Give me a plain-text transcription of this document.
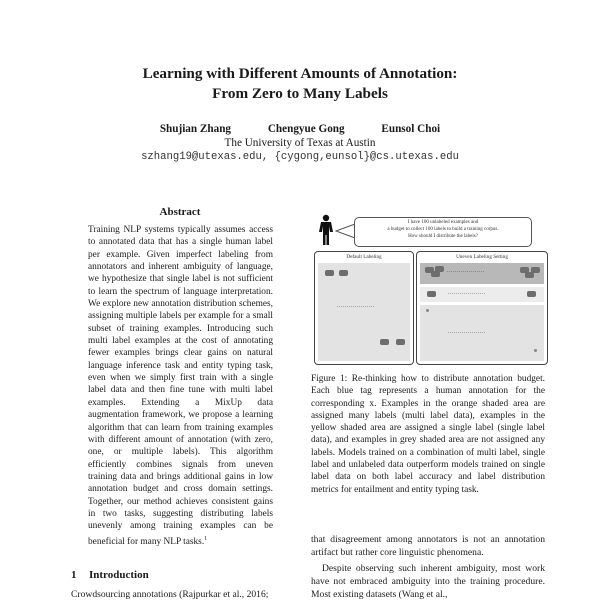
Learning with Different Amounts of Annotation:
From Zero to Many Labels
Shujian Zhang	Chengyue Gong	Eunsol Choi
The University of Texas at Austin
szhang19@utexas.edu, {cygong,eunsol}@cs.utexas.edu
Abstract
Training NLP systems typically assumes access to annotated data that has a single human label per example. Given imperfect labeling from annotators and inherent ambiguity of language, we hypothesize that single label is not sufficient to learn the spectrum of language interpretation. We explore new annotation distribution schemes, assigning multiple labels per example for a small subset of training examples. Introducing such multi label examples at the cost of annotating fewer examples brings clear gains on natural language inference task and entity typing task, even when we simply first train with a single label data and then fine tune with multi label examples. Extending a MixUp data augmentation framework, we propose a learning algorithm that can learn from training examples with different amount of annotation (with zero, one, or multiple labels). This algorithm efficiently combines signals from uneven training data and brings additional gains in low annotation budget and cross domain settings. Together, our method achieves consistent gains in two tasks, suggesting distributing labels unevenly among training examples can be beneficial for many NLP tasks.$^1$
1 Introduction
Crowdsourcing annotations (Rajpurkar et al., 2016;
I have 100 unlabeled examples and
a budget to collect 100 labels to build a training corpus.
How should I distribute the labels?
Default Labeling
...................
Uneven Labeling Setting
...................
...................
...................
Figure 1: Re-thinking how to distribute annotation budget. Each blue tag represents a human annotation for the corresponding x. Examples in the orange shaded area are assigned many labels (multi label data), examples in the yellow shaded area are assigned a single label (single label data), and examples in grey shaded area are not assigned any labels. Models trained on a combination of multi label, single label and unlabeled data outperform models trained on single label data on both label accuracy and label distribution metrics for entailment and entity typing task.

that disagreement among annotators is not an annotation artifact but rather core linguistic phenomena.

Despite observing such inherent ambiguity, most work have not embraced ambiguity into the training procedure. Most existing datasets (Wang et al.,
